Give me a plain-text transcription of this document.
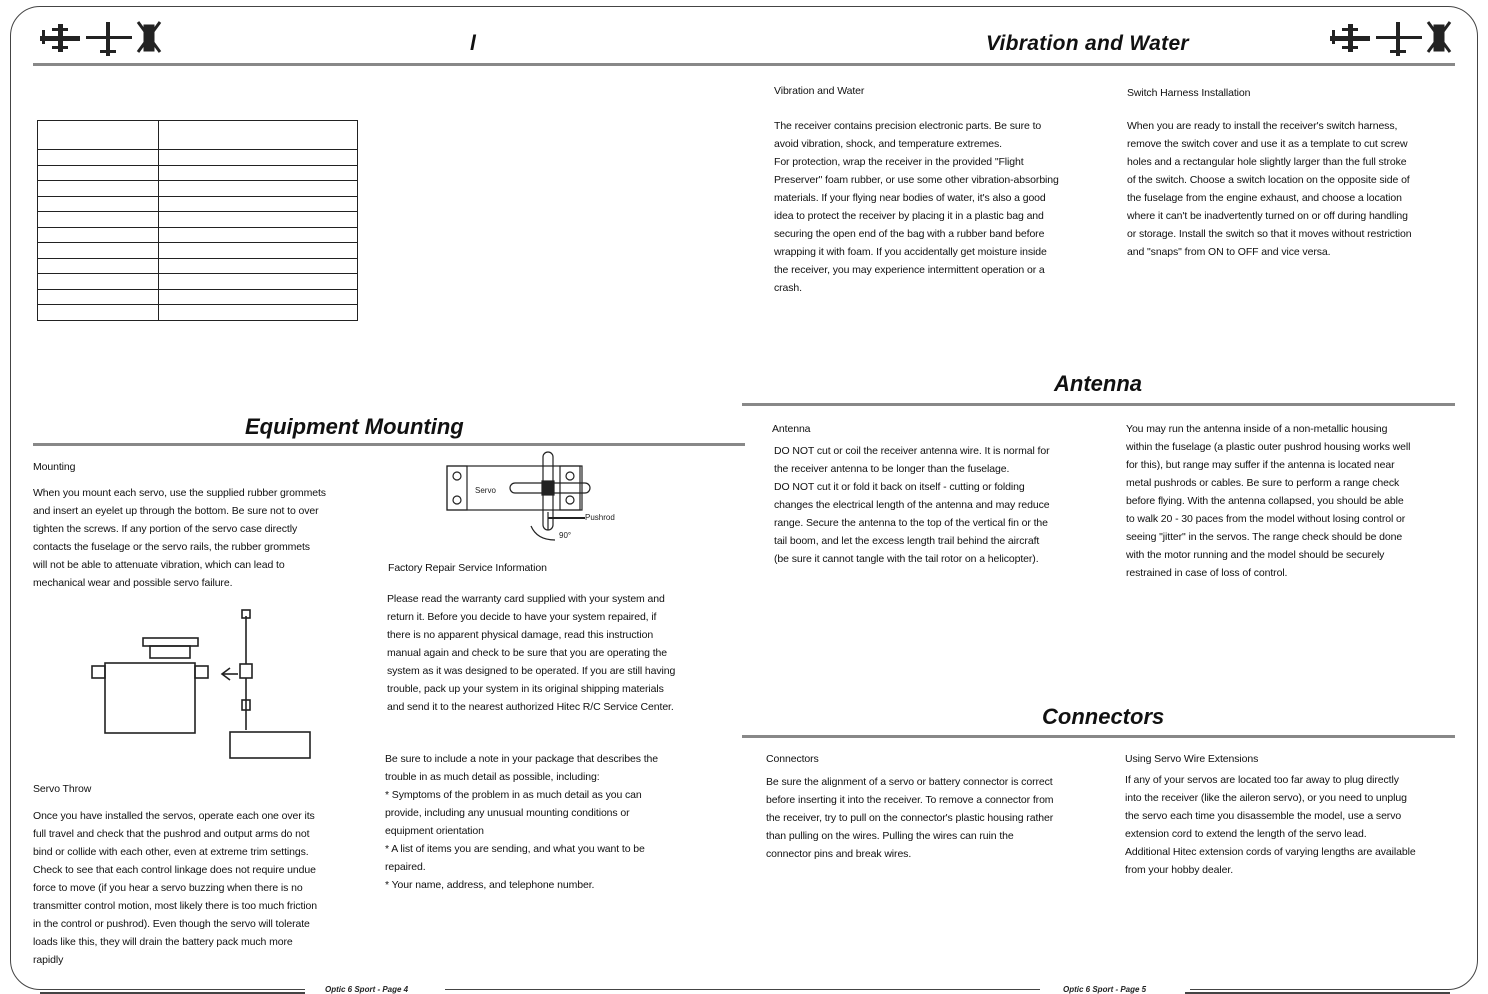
l	Vibration and Water

Equipment Mounting
Mounting
When you mount each servo, use the supplied rubber grommets
and insert an eyelet up through the bottom. Be sure not to over
tighten the screws. If any portion of the servo case directly
contacts the fuselage or the servo rails, the rubber grommets
will not be able to attenuate vibration, which can lead to
mechanical wear and possible servo failure.
Servo Throw
Once you have installed the servos, operate each one over its
full travel and check that the pushrod and output arms do not
bind or collide with each other, even at extreme trim settings.
Check to see that each control linkage does not require undue
force to move (if you hear a servo buzzing when there is no
transmitter control motion, most likely there is too much friction
in the control or pushrod). Even though the servo will tolerate
loads like this, they will drain the battery pack much more
rapidly
Servo
Pushrod
90°
Factory Repair Service Information
Please read the warranty card supplied with your system and
return it. Before you decide to have your system repaired, if
there is no apparent physical damage, read this instruction
manual again and check to be sure that you are operating the
system as it was designed to be operated. If you are still having
trouble, pack up your system in its original shipping materials
and send it to the nearest authorized Hitec R/C Service Center.
Be sure to include a note in your package that describes the
trouble in as much detail as possible, including:
* Symptoms of the problem in as much detail as you can
provide, including any unusual mounting conditions or
equipment orientation
* A list of items you are sending, and what you want to be
repaired.
* Your name, address, and telephone number.
Optic 6 Sport - Page 4	Optic 6 Sport - Page 5
Vibration and Water
The receiver contains precision electronic parts. Be sure to
avoid vibration, shock, and temperature extremes.
For protection, wrap the receiver in the provided "Flight
Preserver" foam rubber, or use some other vibration-absorbing
materials. If your flying near bodies of water, it's also a good
idea to protect the receiver by placing it in a plastic bag and
securing the open end of the bag with a rubber band before
wrapping it with foam. If you accidentally get moisture inside
the receiver, you may experience intermittent operation or a
crash.
Switch Harness Installation
When you are ready to install the receiver's switch harness,
remove the switch cover and use it as a template to cut screw
holes and a rectangular hole slightly larger than the full stroke
of the switch. Choose a switch location on the opposite side of
the fuselage from the engine exhaust, and choose a location
where it can't be inadvertently turned on or off during handling
or storage. Install the switch so that it moves without restriction
and "snaps" from ON to OFF and vice versa.
Antenna
Antenna
DO NOT cut or coil the receiver antenna wire. It is normal for
the receiver antenna to be longer than the fuselage.
DO NOT cut it or fold it back on itself - cutting or folding
changes the electrical length of the antenna and may reduce
range. Secure the antenna to the top of the vertical fin or the
tail boom, and let the excess length trail behind the aircraft
(be sure it cannot tangle with the tail rotor on a helicopter).
You may run the antenna inside of a non-metallic housing
within the fuselage (a plastic outer pushrod housing works well
for this), but range may suffer if the antenna is located near
metal pushrods or cables. Be sure to perform a range check
before flying. With the antenna collapsed, you should be able
to walk 20 - 30 paces from the model without losing control or
seeing "jitter" in the servos. The range check should be done
with the motor running and the model should be securely
restrained in case of loss of control.
Connectors
Connectors
Be sure the alignment of a servo or battery connector is correct
before inserting it into the receiver. To remove a connector from
the receiver, try to pull on the connector's plastic housing rather
than pulling on the wires. Pulling the wires can ruin the
connector pins and break wires.
Using Servo Wire Extensions
If any of your servos are located too far away to plug directly
into the receiver (like the aileron servo), or you need to unplug
the servo each time you disassemble the model, use a servo
extension cord to extend the length of the servo lead.
Additional Hitec extension cords of varying lengths are available
from your hobby dealer.
